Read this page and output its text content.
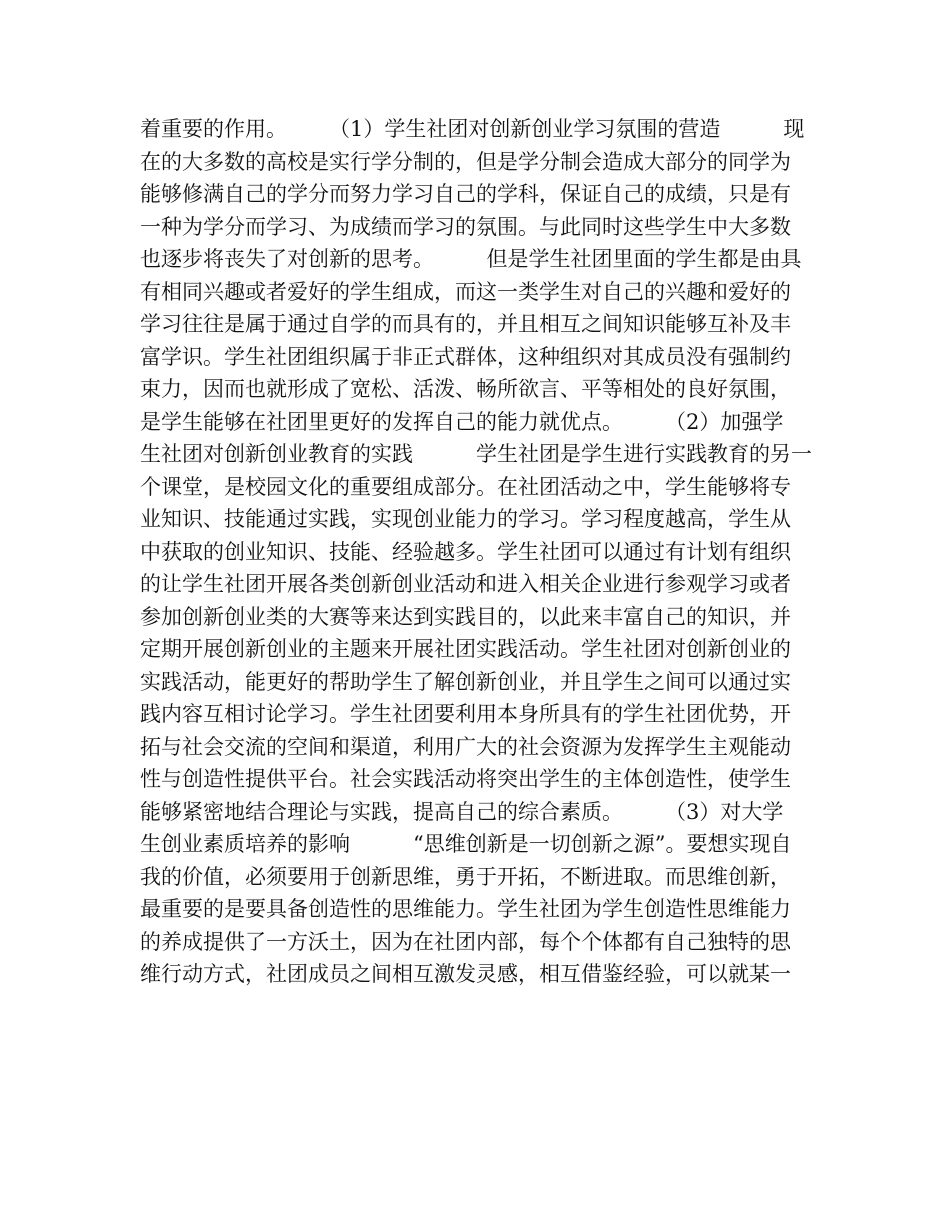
着重要的作用。　　　（1）学生社团对创新创业学习氛围的营造　　　现
在的大多数的高校是实行学分制的，但是学分制会造成大部分的同学为
能够修满自己的学分而努力学习自己的学科，保证自己的成绩，只是有
一种为学分而学习、为成绩而学习的氛围。与此同时这些学生中大多数
也逐步将丧失了对创新的思考。　　　但是学生社团里面的学生都是由具
有相同兴趣或者爱好的学生组成，而这一类学生对自己的兴趣和爱好的
学习往往是属于通过自学的而具有的，并且相互之间知识能够互补及丰
富学识。学生社团组织属于非正式群体，这种组织对其成员没有强制约
束力，因而也就形成了宽松、活泼、畅所欲言、平等相处的良好氛围，
是学生能够在社团里更好的发挥自己的能力就优点。　　　（2）加强学
生社团对创新创业教育的实践　　　学生社团是学生进行实践教育的另一
个课堂，是校园文化的重要组成部分。在社团活动之中，学生能够将专
业知识、技能通过实践，实现创业能力的学习。学习程度越高，学生从
中获取的创业知识、技能、经验越多。学生社团可以通过有计划有组织
的让学生社团开展各类创新创业活动和进入相关企业进行参观学习或者
参加创新创业类的大赛等来达到实践目的，以此来丰富自己的知识，并
定期开展创新创业的主题来开展社团实践活动。学生社团对创新创业的
实践活动，能更好的帮助学生了解创新创业，并且学生之间可以通过实
践内容互相讨论学习。学生社团要利用本身所具有的学生社团优势，开
拓与社会交流的空间和渠道，利用广大的社会资源为发挥学生主观能动
性与创造性提供平台。社会实践活动将突出学生的主体创造性，使学生
能够紧密地结合理论与实践，提高自己的综合素质。　　　（3）对大学
生创业素质培养的影响　　　“思维创新是一切创新之源”。要想实现自
我的价值，必须要用于创新思维，勇于开拓，不断进取。而思维创新，
最重要的是要具备创造性的思维能力。学生社团为学生创造性思维能力
的养成提供了一方沃土，因为在社团内部，每个个体都有自己独特的思
维行动方式，社团成员之间相互激发灵感，相互借鉴经验，可以就某一
